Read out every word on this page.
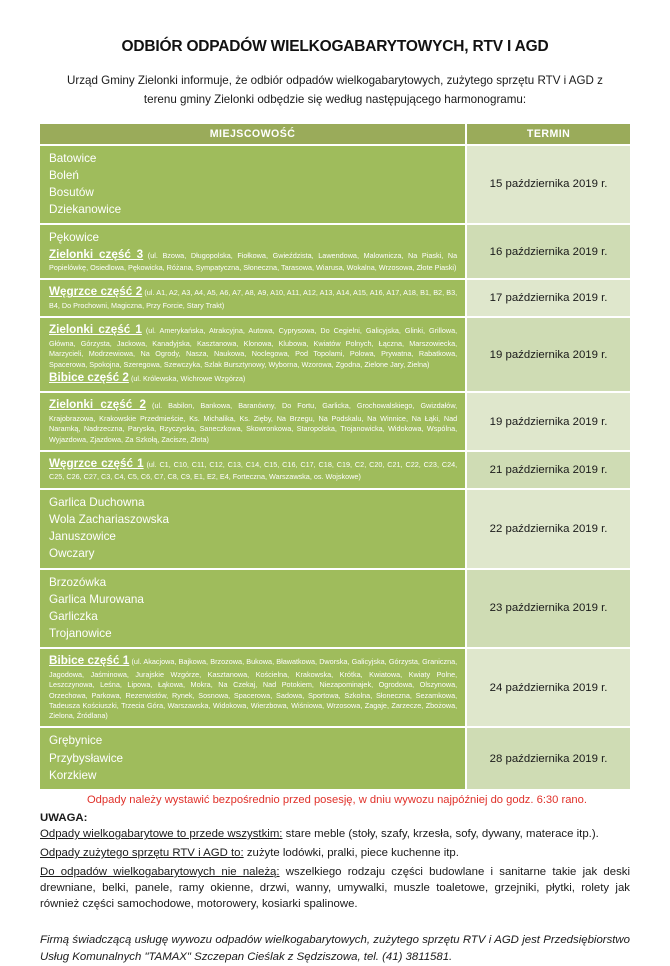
ODBIÓR ODPADÓW WIELKOGABARYTOWYCH, RTV I AGD

Urząd Gminy Zielonki informuje, że odbiór odpadów wielkogabarytowych, zużytego sprzętu RTV i AGD z terenu gminy Zielonki odbędzie się według następującego harmonogramu:

MIEJSCOWOŚĆ	TERMIN

Batowice
Boleń
Bosutów
Dziekanowice	15 października 2019 r.

Pękowice

Zielonki część 3 (ul. Bzowa, Długopolska, Fiołkowa, Gwieździsta, Lawendowa, Malownicza, Na Piaski, Na Popielówkę, Osiedlowa, Pękowicka, Różana, Sympatyczna, Słoneczna, Tarasowa, Wiarusa, Wokalna, Wrzosowa, Złote Piaski)	16 października 2019 r.

Węgrzce część 2 (ul. A1, A2, A3, A4, A5, A6, A7, A8, A9, A10, A11, A12, A13, A14, A15, A16, A17, A18, B1, B2, B3, B4, Do Prochowni, Magiczna, Przy Forcie, Stary Trakt)	17 października 2019 r.

Zielonki część 1 (ul. Amerykańska, Atrakcyjna, Autowa, Cyprysowa, Do Cegielni, Galicyjska, Glinki, Grillowa, Główna, Górzysta, Jackowa, Kanadyjska, Kasztanowa, Klonowa, Klubowa, Kwiatów Polnych, Łączna, Marszowiecka, Marzycieli, Modrzewiowa, Na Ogrody, Nasza, Naukowa, Noclegowa, Pod Topolami, Polowa, Prywatna, Rabatkowa, Spacerowa, Spokojna, Szeregowa, Szewczyka, Szlak Bursztynowy, Wyborna, Wzorowa, Zgodna, Zielone Jary, Zielna)

Bibice część 2 (ul. Królewska, Wichrowe Wzgórza)	19 października 2019 r.

Zielonki część 2 (ul. Babilon, Bankowa, Baranówny, Do Fortu, Garlicka, Grochowalskiego, Gwizdałów, Krajobrazowa, Krakowskie Przedmieście, Ks. Michalika, Ks. Zięby, Na Brzegu, Na Podskalu, Na Winnice, Na Łąki, Nad Naramką, Nadrzeczna, Paryska, Rzyczyska, Saneczkowa, Skowronkowa, Staropolska, Trojanowicka, Widokowa, Wspólna, Wyjazdowa, Zjazdowa, Za Szkołą, Zacisze, Złota)	19 października 2019 r.

Węgrzce część 1 (ul. C1, C10, C11, C12, C13, C14, C15, C16, C17, C18, C19, C2, C20, C21, C22, C23, C24, C25, C26, C27, C3, C4, C5, C6, C7, C8, C9, E1, E2, E4, Forteczna, Warszawska, os. Wojskowe)	21 października 2019 r.

Garlica Duchowna
Wola Zachariaszowska
Januszowice
Owczary	22 października 2019 r.

Brzozówka
Garlica Murowana
Garliczka
Trojanowice	23 października 2019 r.

Bibice część 1 (ul. Akacjowa, Bajkowa, Brzozowa, Bukowa, Bławatkowa, Dworska, Galicyjska, Górzysta, Graniczna, Jagodowa, Jaśminowa, Jurajskie Wzgórze, Kasztanowa, Kościelna, Krakowska, Krótka, Kwiatowa, Kwiaty Polne, Leszczynowa, Leśna, Lipowa, Łąkowa, Mokra, Na Czekaj, Nad Potokiem, Niezapominajek, Ogrodowa, Olszynowa, Orzechowa, Parkowa, Rezerwistów, Rynek, Sosnowa, Spacerowa, Sadowa, Sportowa, Szkolna, Słoneczna, Sezamkowa, Tadeusza Kościuszki, Trzecia Góra, Warszawska, Widokowa, Wierzbowa, Wiśniowa, Wrzosowa, Zagaje, Zarzecze, Zbożowa, Zielona, Źródlana)	24 października 2019 r.

Grębynice
Przybysławice
Korzkiew	28 października 2019 r.

Odpady należy wystawić bezpośrednio przed posesję, w dniu wywozu najpóźniej do godz. 6:30 rano.

UWAGA:

Odpady wielkogabarytowe to przede wszystkim: stare meble (stoły, szafy, krzesła, sofy, dywany, materace itp.).

Odpady zużytego sprzętu RTV i AGD to: zużyte lodówki, pralki, piece kuchenne itp.

Do odpadów wielkogabarytowych nie należą: wszelkiego rodzaju części budowlane i sanitarne takie jak deski drewniane, belki, panele, ramy okienne, drzwi, wanny, umywalki, muszle toaletowe, grzejniki, płytki, rolety jak również części samochodowe, motorowery, kosiarki spalinowe.

Firmą świadczącą usługę wywozu odpadów wielkogabarytowych, zużytego sprzętu RTV i AGD jest Przedsiębiorstwo Usług Komunalnych "TAMAX" Szczepan Cieślak z Sędziszowa, tel. (41) 3811581.
